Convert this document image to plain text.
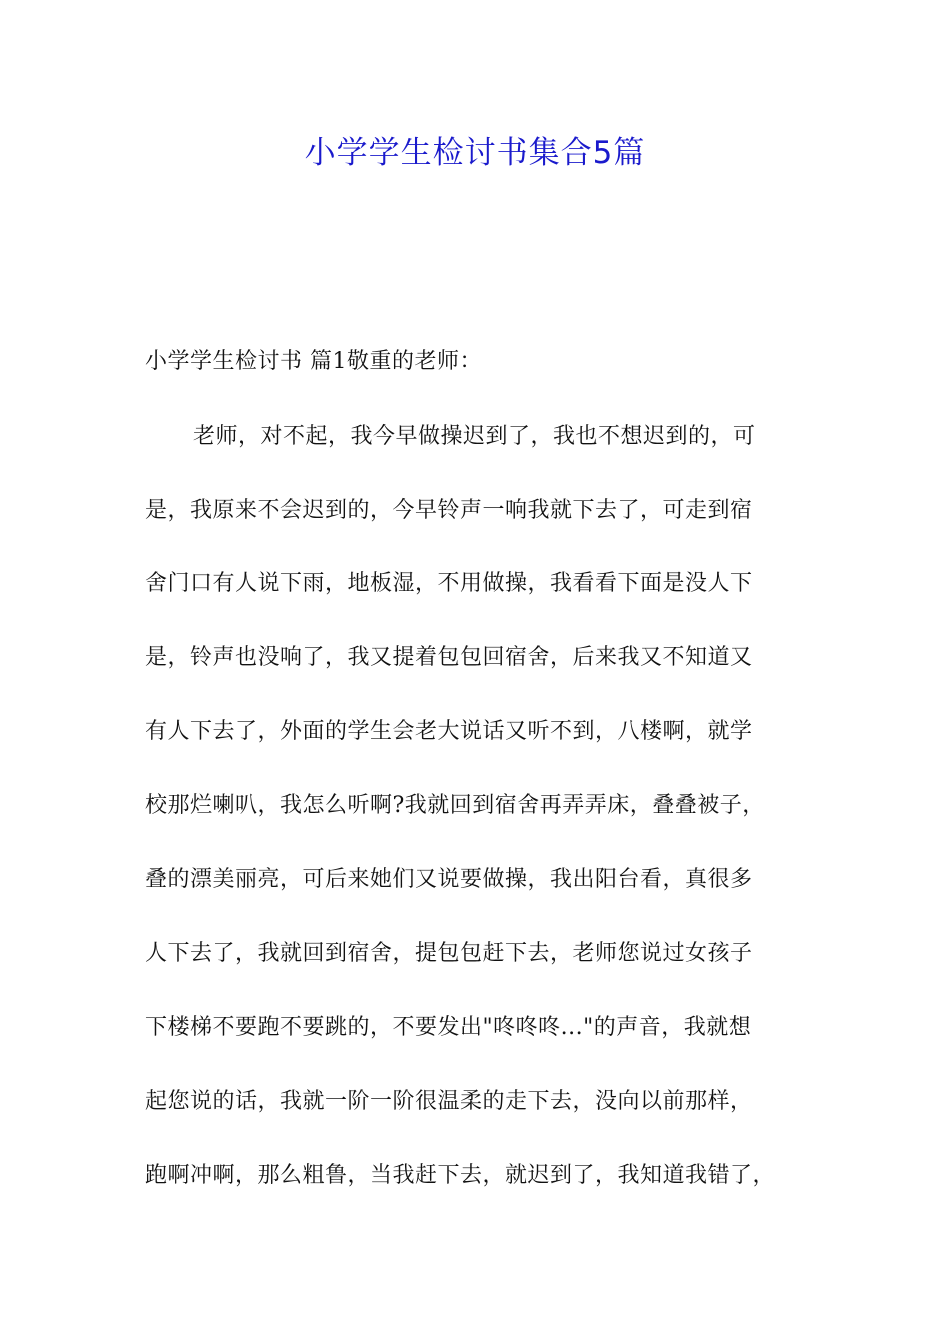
小学学生检讨书集合5篇
小学学生检讨书 篇1敬重的老师：
老师，对不起，我今早做操迟到了，我也不想迟到的，可
是，我原来不会迟到的，今早铃声一响我就下去了，可走到宿
舍门口有人说下雨，地板湿，不用做操，我看看下面是没人下
是，铃声也没响了，我又提着包包回宿舍，后来我又不知道又
有人下去了，外面的学生会老大说话又听不到，八楼啊，就学
校那烂喇叭，我怎么听啊?我就回到宿舍再弄弄床，叠叠被子，
叠的漂美丽亮，可后来她们又说要做操，我出阳台看，真很多
人下去了，我就回到宿舍，提包包赶下去，老师您说过女孩子
下楼梯不要跑不要跳的，不要发出"咚咚咚..."的声音，我就想
起您说的话，我就一阶一阶很温柔的走下去，没向以前那样，
跑啊冲啊，那么粗鲁，当我赶下去，就迟到了，我知道我错了，
